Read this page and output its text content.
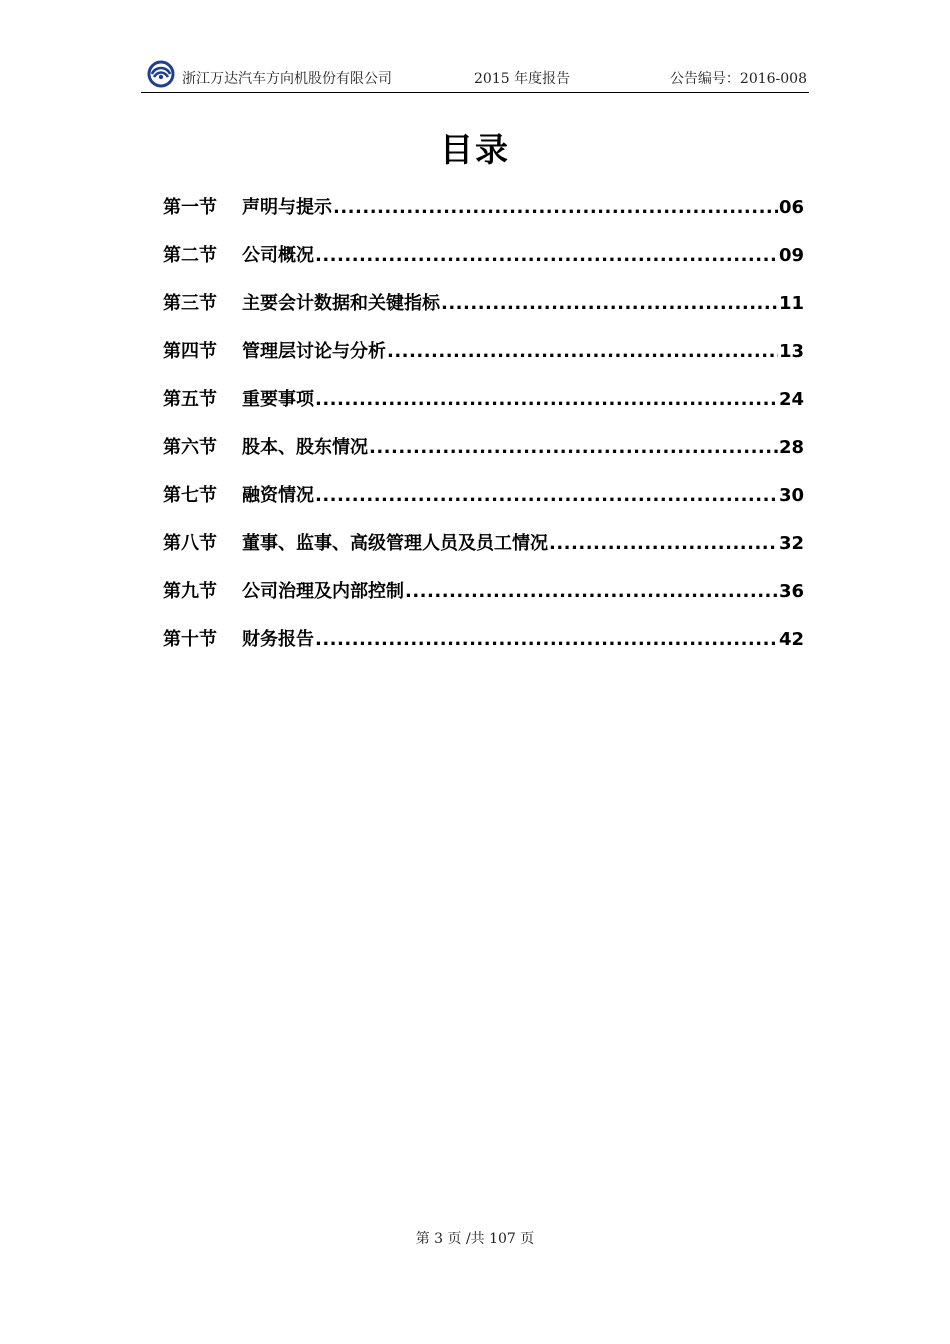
浙江万达汽车方向机股份有限公司	2015 年度报告	公告编号：2016-008
目录
第一节	声明与提示 .....	06
第二节	公司概况 .....	09
第三节	主要会计数据和关键指标 .....	11
第四节	管理层讨论与分析 .....	13
第五节	重要事项 .....	24
第六节	股本、股东情况 .....	28
第七节	融资情况 .....	30
第八节	董事、监事、高级管理人员及员工情况 .....	32
第九节	公司治理及内部控制 .....	36
第十节	财务报告 .....	42
第 3 页 /共 107 页
